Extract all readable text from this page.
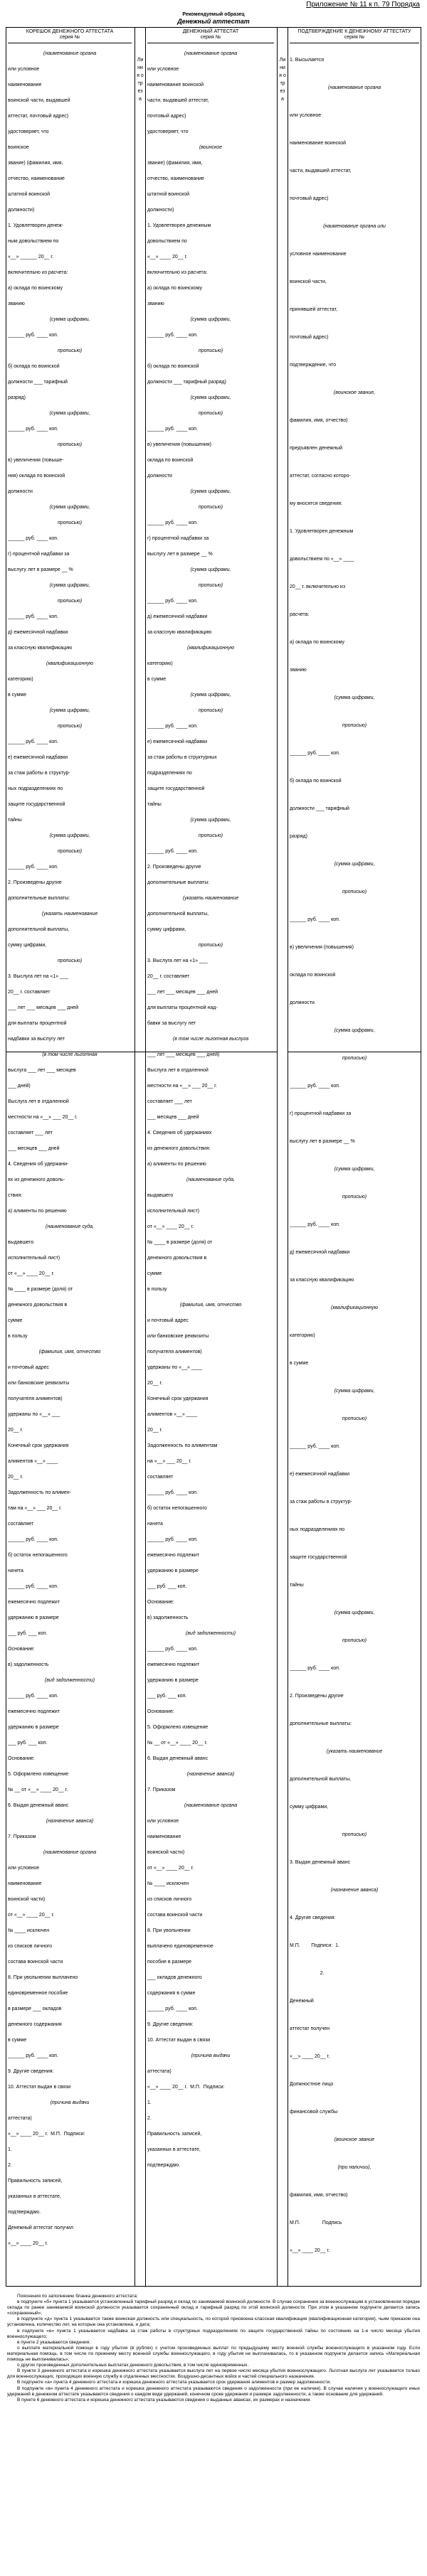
Приложение № 11 к п. 79 Порядка
Рекомендуемый образец
Денежный аттестат
КОРЕШОК ДЕНЕЖНОГО АТТЕСТАТА
серия №
(наименование органа
или условное
наименование
воинской части, выдавшей
аттестат, почтовый адрес)
удостоверяет, что
воинское
звание) (фамилия, имя,
отчество, наименование
штатной воинской
должности)
1. Удовлетворен денеж-
ным довольствием по
«__» ______ 20__ г.
включительно из расчета:
а) оклада по воинскому
званию
(сумма цифрами,
______ руб. ____ коп.
прописью)
б) оклада по воинской
должности ___ тарифный
разряд)
(сумма цифрами,
______ руб. ____ коп.
прописью)
в) увеличения (повыше-
ния) оклада по воинской
должности
(сумма цифрами,
прописью)
______ руб. ____ коп.
г) процентной надбавки за
выслугу лет в размере __ %
(сумма цифрами,
прописью)
______ руб. ____ коп.
д) ежемесячной надбавки
за классную квалификацию
(квалификационную
категорию)
в сумме
(сумма цифрами,
прописью)
______ руб. ____ коп.
е) ежемесячной надбавки
за стаж работы в структур-
ных подразделениях по
защите государственной
тайны
(сумма цифрами,
прописью)
______ руб. ____ коп.
2. Произведены другие
дополнительные выплаты:
(указать наименование
дополнительной выплаты,
сумму цифрами,
прописью)
3. Выслуга лет на «1» ___
20__ г. составляет
___ лет ___ месяцев ___ дней
для выплаты процентной
надбавки за выслугу лет
(в том числе льготная
выслуга ___ лет ___ месяцев
___ дней)
Выслуга лет в отдаленной
местности на «__» ___ 20__ г.
составляет ___ лет
___ месяцев ___ дней
4. Сведения об удержани-
ях из денежного доволь-
ствия:
а) алименты по решению
(наименование суда,
выдавшего
исполнительный лист)
от «__» ____ 20__ г.
№ ____ в размере (доля) от
денежного довольствия в
сумме
в пользу
(фамилия, имя, отчество
и почтовый адрес
или банковские реквизиты
получателя алиментов)
удержаны по «__» ___
20__ г.
Конечный срок удержания
алиментов «__» ____
20__ г.
Задолженность по алимен-
там на «__» ___ 20__ г.
составляет
______ руб. ____ коп.
б) остаток непогашенного
начета
______ руб. ____ коп.
ежемесячно подлежит
удержанию в размере
___ руб. ___ коп.
Основание:
в) задолженность
(вид задолженности)
______ руб. ____ коп.
ежемесячно подлежит
удержанию в размере
___ руб. ___ коп.
Основание:
5. Оформлено извещение
№ __ от «__» ____ 20__ г.
6. Выдан денежный аванс
(назначение аванса)
7. Приказом
(наименование органа
или условное
наименование
воинской части)
от «__» ____ 20__ г.
№ ____ исключен
из списков личного
состава воинской части
8. При увольнении выплачено
единовременное пособие
в размере ___ окладов
денежного содержания
в сумме
______ руб. ____ коп.
9. Другие сведения:
10. Аттестат выдан в связи
(причина выдачи
аттестата)
«__» ____ 20__ г.  М.П.  Подписи:
1.
2.
Правильность записей,
указанных в аттестате,
подтверждаю.
Денежный аттестат получил
«__» ____ 20__ г.
Линия отреза
ДЕНЕЖНЫЙ АТТЕСТАТ
серия №
(наименование органа
или условное
наименование воинской
части, выдавшей аттестат,
почтовый адрес)
удостоверяет, что
(воинское
звание) (фамилия, имя,
отчество, наименование
штатной воинской
должности)
1. Удовлетворен денежным
довольствием по
«__» ____ 20__ г.
включительно из расчета:
а) оклада по воинскому
званию
(сумма цифрами,
______ руб. ____ коп.
прописью)
б) оклада по воинской
должности ___ тарифный разряд)
(сумма цифрами,
прописью)
______ руб. ____ коп.
в) увеличения (повышения)
оклада по воинской
должности
(сумма цифрами,
прописью)
______ руб. ____ коп.
г) процентной надбавки за
выслугу лет в размере __ %
(сумма цифрами,
прописью)
______ руб. ____ коп.
д) ежемесячной надбавки
за классную квалификацию
(квалификационную
категорию)
в сумме
(сумма цифрами,
прописью)
______ руб. ____ коп.
е) ежемесячной надбавки
за стаж работы в структурных
подразделениях по
защите государственной
тайны
(сумма цифрами,
прописью)
______ руб. ____ коп.
2. Произведены другие
дополнительные выплаты:
(указать наименование
дополнительной выплаты,
сумму цифрами,
прописью)
3. Выслуга лет на «1» ___
20__ г. составляет
___ лет ___ месяцев ___ дней
для выплаты процентной над-
бавки за выслугу лет
(в том числе льготная выслуга
___ лет ___ месяцев ___ дней)
Выслуга лет в отдаленной
местности на «__» ___ 20__ г.
составляет ___ лет
___ месяцев ___ дней
4. Сведения об удержаниях
из денежного довольствия:
а) алименты по решению
(наименование суда,
выдавшего
исполнительный лист)
от «__» ____ 20__ г.
№ ____ в размере (доля) от
денежного довольствия в
сумме
в пользу
(фамилия, имя, отчество
и почтовый адрес
или банковские реквизиты
получателя алиментов)
удержаны по «__» ____
20__ г.
Конечный срок удержания
алиментов «__» ____
20__ г.
Задолженность по алиментам
на «__» ___ 20__ г.
составляет
______ руб. ____ коп.
б) остаток непогашенного
начета
______ руб. ____ коп.
ежемесячно подлежит
удержанию в размере
___ руб. ___ коп.
Основание:
в) задолженность
(вид задолженности)
______ руб. ____ коп.
ежемесячно подлежит
удержанию в размере
___ руб. ___ коп.
Основание:
5. Оформлено извещение
№ __ от «__» ____ 20__ г.
6. Выдан денежный аванс
(назначение аванса)
7. Приказом
(наименование органа
или условное
наименование
воинской части)
от «__» ____ 20__ г.
№ ____ исключен
из списков личного
состава воинской части
8. При увольнении
выплачено единовременное
пособие в размере
___ окладов денежного
содержания в сумме
______ руб. ____ коп.
9. Другие сведения:
10. Аттестат выдан в связи
(причина выдачи
аттестата)
«__» ____ 20__ г.  М.П.  Подписи:
1.
2.
Правильность записей,
указанных в аттестате,
подтверждаю.
Линия отреза
ПОДТВЕРЖДЕНИЕ К ДЕНЕЖНОМУ АТТЕСТАТУ
серия №
1. Высылается
(наименование органа
или условное
наименование воинской
части, выдавшей аттестат,
почтовый адрес)
(наименование органа или
условное наименование
воинской части,
принявшей аттестат,
почтовый адрес)
подтверждение, что
(воинское звание,
фамилия, имя, отчество)
предъявлен денежный
аттестат, согласно которо-
му вносятся сведения:
1. Удовлетворен денежным
довольствием по «__» ____
20__ г. включительно из
расчета:
а) оклада по воинскому
званию
(сумма цифрами,
прописью)
______ руб. ____ коп.
б) оклада по воинской
должности ___ тарифный
разряд)
(сумма цифрами,
прописью)
______ руб. ____ коп.
в) увеличения (повышения)
оклада по воинской
должности
(сумма цифрами,
прописью)
______ руб. ____ коп.
г) процентной надбавки за
выслугу лет в размере __ %
(сумма цифрами,
прописью)
______ руб. ____ коп.
д) ежемесячной надбавки
за классную квалификацию
(квалификационную
категорию)
в сумме
(сумма цифрами,
прописью)
______ руб. ____ коп.
е) ежемесячной надбавки
за стаж работы в структур-
ных подразделениях по
защите государственной
тайны
(сумма цифрами,
прописью)
______ руб. ____ коп.
2. Произведены другие
дополнительные выплаты:
(указать наименование
дополнительной выплаты,
сумму цифрами,
прописью)
3. Выдан денежный аванс
(назначение аванса)
4. Другие сведения:
М.П.        Подписи:  1.
2.
Денежный
аттестат получен
«__» ____ 20__ г.
Должностное лицо
финансовой службы
(воинское звание
(при наличии),
фамилия, имя, отчество)
М.П.                Подпись
«__» ____ 20__ г.

Пояснения по заполнению бланка денежного аттестата:

в подпункте «б» пункта 1 указывается установленный тарифный разряд и оклад по занимаемой воинской должности. В случае сохранения за военнослужащим в установленном порядке оклада по ранее занимаемой воинской должности указывается сохраненный оклад и тарифный разряд по этой воинской должности. При этом в указанном подпункте делается запись «сохраненный»;

в подпункте «д» пункта 1 указывается также воинская должность или специальность, по которой присвоена классная квалификация (квалификационная категория), чьим приказом она установлена, количество лет, на которые она установлена, и дата;

в подпункте «е» пункта 1 указывается надбавка за стаж работы в структурных подразделениях по защите государственной тайны по состоянию на 1-е число месяца убытия военнослужащего;

в пункте 2 указываются сведения:

о выплате материальной помощи в году убытия (в рублях) с учетом произведенных выплат по предыдущему месту военной службы военнослужащего в указанном году. Если материальная помощь, в том числе по прежнему месту военной службы военнослужащего, в году убытия не выплачивалась, то в указанном подпункте делается запись «Материальная помощь не выплачивалась»;

о других произведенных дополнительных выплатах денежного довольствия, в том числе единовременных.

В пункте 3 денежного аттестата и корешка денежного аттестата указывается выслуга лет на первое число месяца убытия военнослужащего. Льготная выслуга лет указывается только для военнослужащих, проходящих военную службу в отдаленных местностях. Воздушно-десантных войск и частей специального назначения.

В подпункте «а» пункта 4 денежного аттестата и корешка денежного аттестата указывается срок удержания алиментов и размер задолженности.

В подпункте «в» пункта 4 денежного аттестата и корешка денежного аттестата указываются сведения о задолженности (при ее наличии). В случае наличия у военнослужащего иных удержаний в денежном аттестате указываются сведения о каждом виде удержаний, конечном сроке удержания и размере задолженности, а также основание для удержаний.

В пункте 6 денежного аттестата и корешка денежного аттестата указываются сведения о выданных авансах, их размерах и назначении.
